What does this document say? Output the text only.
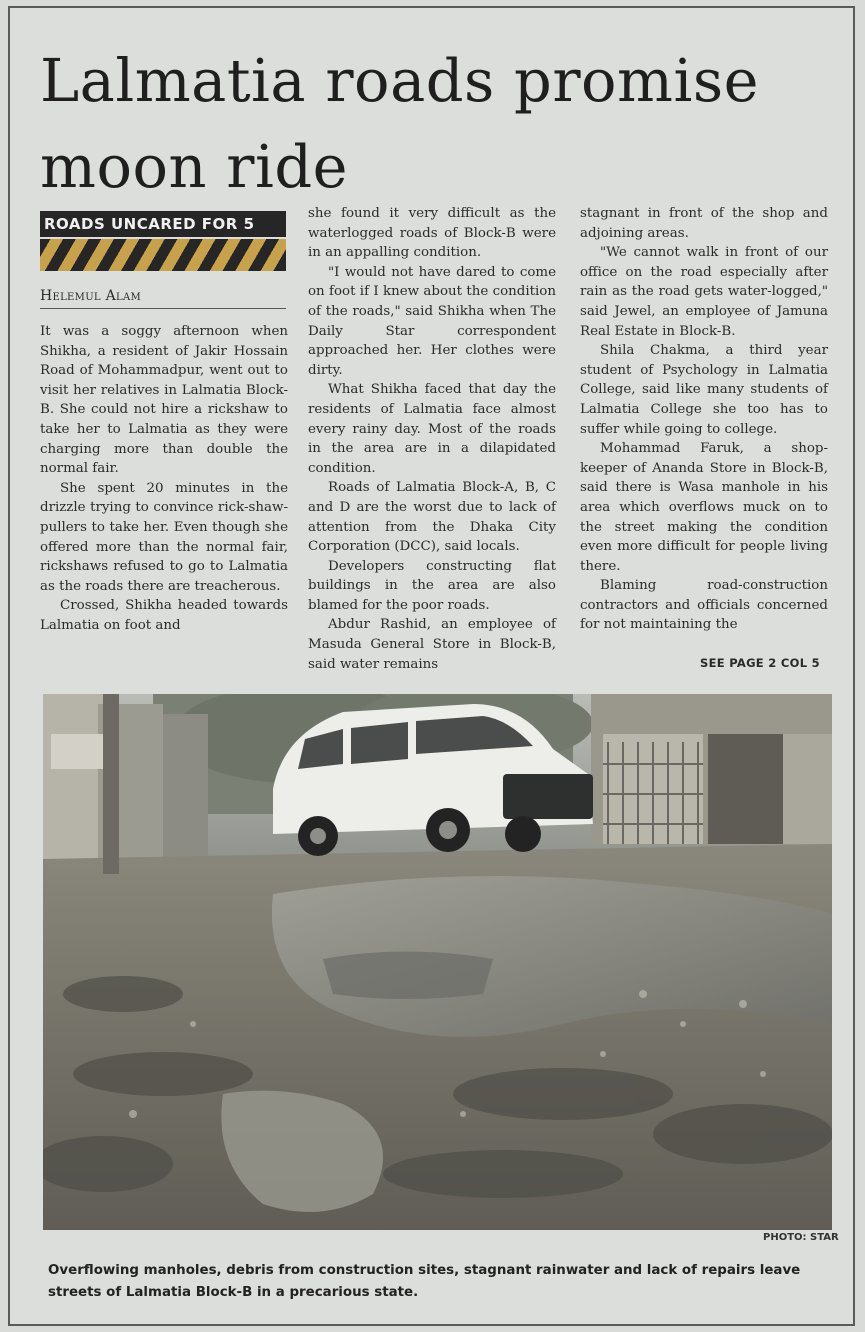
Lalmatia roads promise moon ride
ROADS UNCARED FOR 5
Helemul Alam

It was a soggy afternoon when Shikha, a resident of Jakir Hossain Road of Mohammadpur, went out to visit her relatives in Lalmatia Block-B. She could not hire a rickshaw to take her to Lalmatia as they were charging more than double the normal fair.

She spent 20 minutes in the drizzle trying to convince rick-shaw-pullers to take her. Even though she offered more than the normal fair, rickshaws refused to go to Lalmatia as the roads there are treacherous.

Crossed, Shikha headed towards Lalmatia on foot and

she found it very difficult as the waterlogged roads of Block-B were in an appalling condition.

"I would not have dared to come on foot if I knew about the condition of the roads," said Shikha when The Daily Star correspondent approached her. Her clothes were dirty.

What Shikha faced that day the residents of Lalmatia face almost every rainy day. Most of the roads in the area are in a dilapidated condition.

Roads of Lalmatia Block-A, B, C and D are the worst due to lack of attention from the Dhaka City Corporation (DCC), said locals.

Developers constructing flat buildings in the area are also blamed for the poor roads.

Abdur Rashid, an employee of Masuda General Store in Block-B, said water remains

stagnant in front of the shop and adjoining areas.

"We cannot walk in front of our office on the road especially after rain as the road gets water-logged," said Jewel, an employee of Jamuna Real Estate in Block-B.

Shila Chakma, a third year student of Psychology in Lalmatia College, said like many students of Lalmatia College she too has to suffer while going to college.

Mohammad Faruk, a shop-keeper of Ananda Store in Block-B, said there is Wasa manhole in his area which overflows muck on to the street making the condition even more difficult for people living there.

Blaming road-construction contractors and officials concerned for not maintaining the

SEE PAGE 2 COL 5
PHOTO: STAR
Overflowing manholes, debris from construction sites, stagnant rainwater and lack of repairs leave streets of Lalmatia Block-B in a precarious state.
